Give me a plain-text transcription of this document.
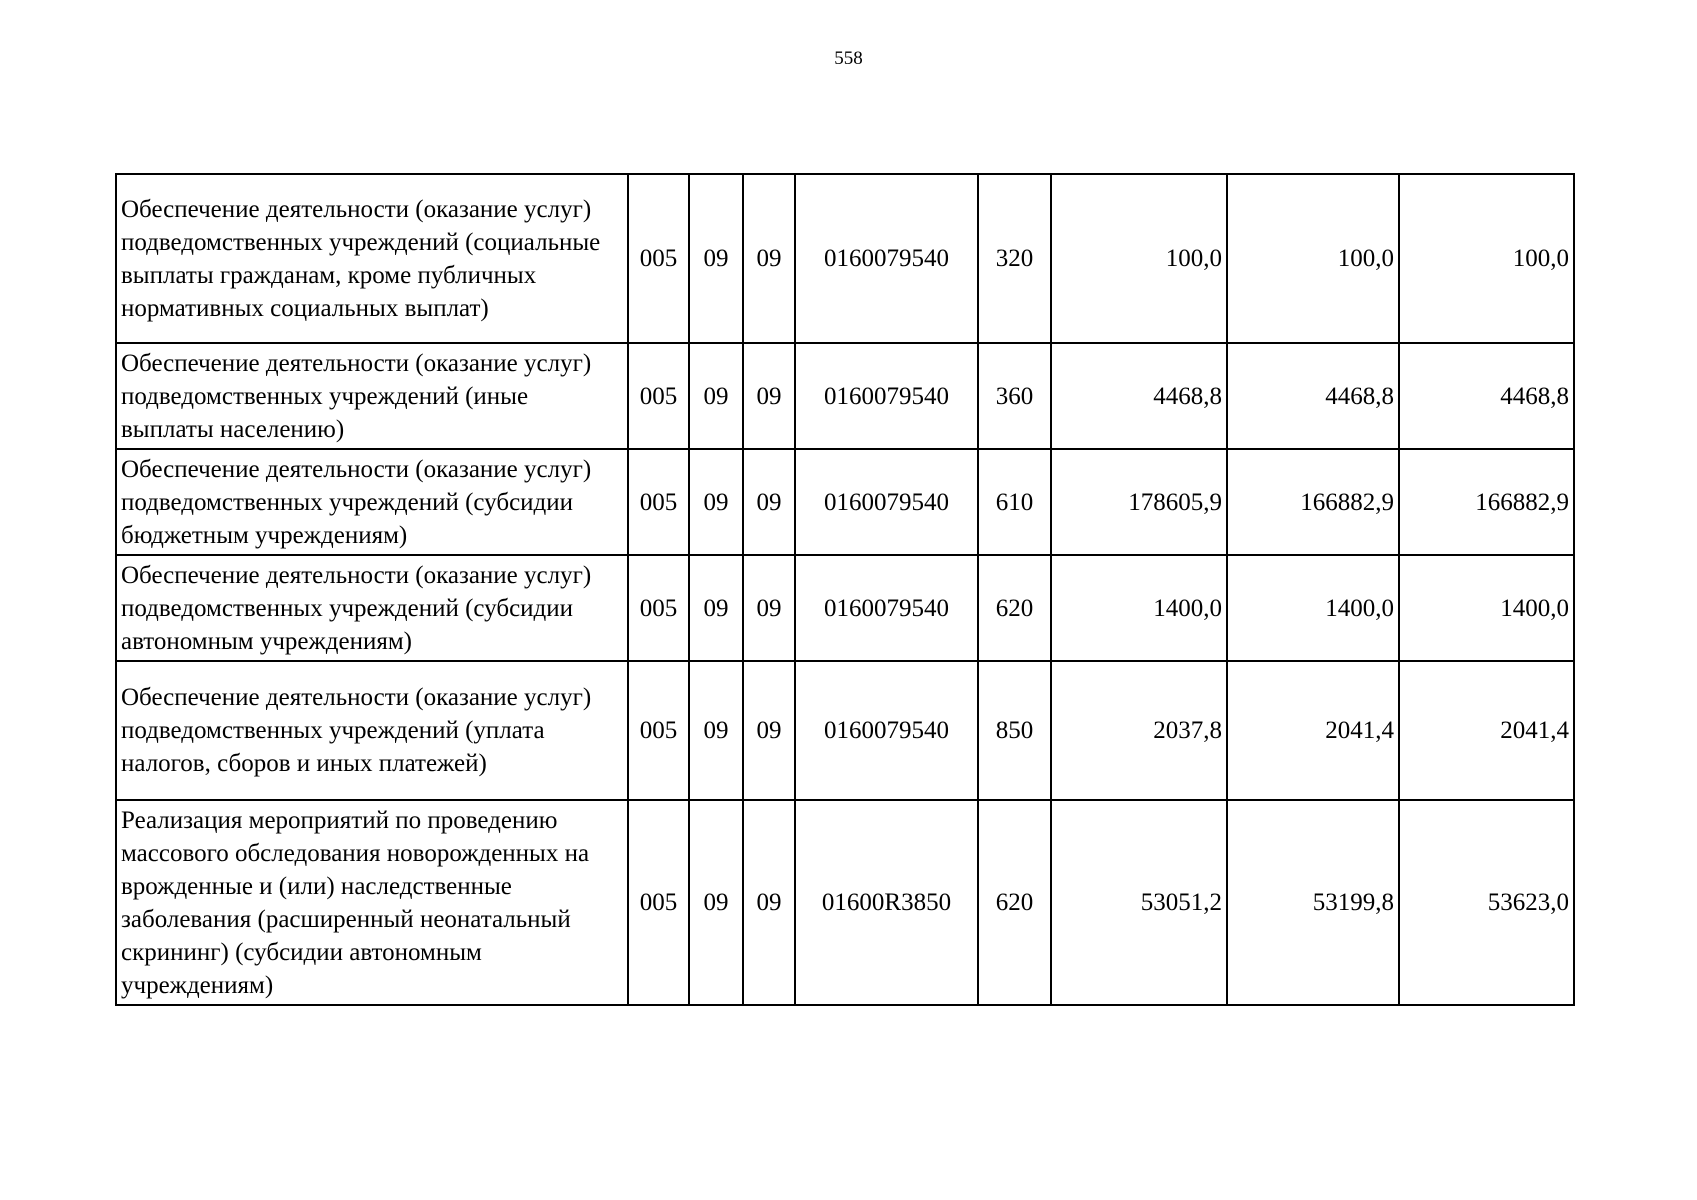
558
Обеспечение деятельности (оказание услуг) подведомственных учреждений (социальные выплаты гражданам, кроме публичных нормативных социальных выплат)	005	09	09	0160079540	320	100,0	100,0	100,0
Обеспечение деятельности (оказание услуг) подведомственных учреждений (иные выплаты населению)	005	09	09	0160079540	360	4468,8	4468,8	4468,8
Обеспечение деятельности (оказание услуг) подведомственных учреждений (субсидии бюджетным учреждениям)	005	09	09	0160079540	610	178605,9	166882,9	166882,9
Обеспечение деятельности (оказание услуг) подведомственных учреждений (субсидии автономным учреждениям)	005	09	09	0160079540	620	1400,0	1400,0	1400,0
Обеспечение деятельности (оказание услуг) подведомственных учреждений (уплата налогов, сборов и иных платежей)	005	09	09	0160079540	850	2037,8	2041,4	2041,4
Реализация мероприятий по проведению массового обследования новорожденных на врожденные и (или) наследственные заболевания (расширенный неонатальный скрининг) (субсидии автономным учреждениям)	005	09	09	01600R3850	620	53051,2	53199,8	53623,0
